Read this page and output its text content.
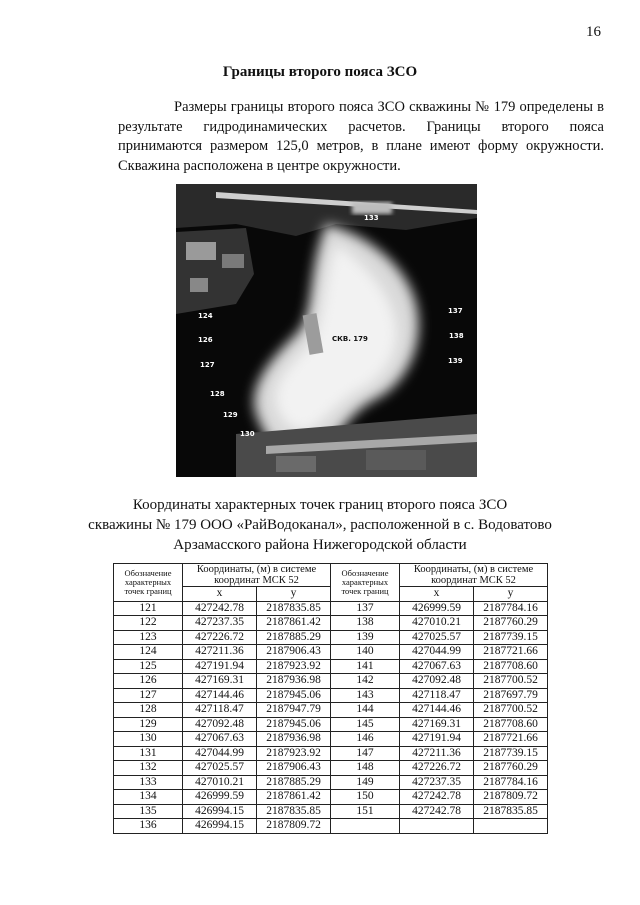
16
Границы второго пояса ЗСО

Размеры границы второго пояса ЗСО скважины № 179 определены в результате гидродинамических расчетов. Границы второго пояса принимаются размером 125,0 метров, в плане имеют форму окружности. Скважина расположена в центре окружности.

124
126
127
128
129
130
137
138
139
133
СКВ. 179
Координаты характерных точек границ второго пояса ЗСО
скважины № 179 ООО «РайВодоканал», расположенной в с. Водоватово
Арзамасского района Нижегородской области
Обозначение характерных точек границ	Координаты, (м) в системе координат МСК 52		Обозначение характерных точек границ	Координаты, (м) в системе координат МСК 52	
	x	y		x	y
121	427242.78	2187835.85	137	426999.59	2187784.16
122	427237.35	2187861.42	138	427010.21	2187760.29
123	427226.72	2187885.29	139	427025.57	2187739.15
124	427211.36	2187906.43	140	427044.99	2187721.66
125	427191.94	2187923.92	141	427067.63	2187708.60
126	427169.31	2187936.98	142	427092.48	2187700.52
127	427144.46	2187945.06	143	427118.47	2187697.79
128	427118.47	2187947.79	144	427144.46	2187700.52
129	427092.48	2187945.06	145	427169.31	2187708.60
130	427067.63	2187936.98	146	427191.94	2187721.66
131	427044.99	2187923.92	147	427211.36	2187739.15
132	427025.57	2187906.43	148	427226.72	2187760.29
133	427010.21	2187885.29	149	427237.35	2187784.16
134	426999.59	2187861.42	150	427242.78	2187809.72
135	426994.15	2187835.85	151	427242.78	2187835.85
136	426994.15	2187809.72			
